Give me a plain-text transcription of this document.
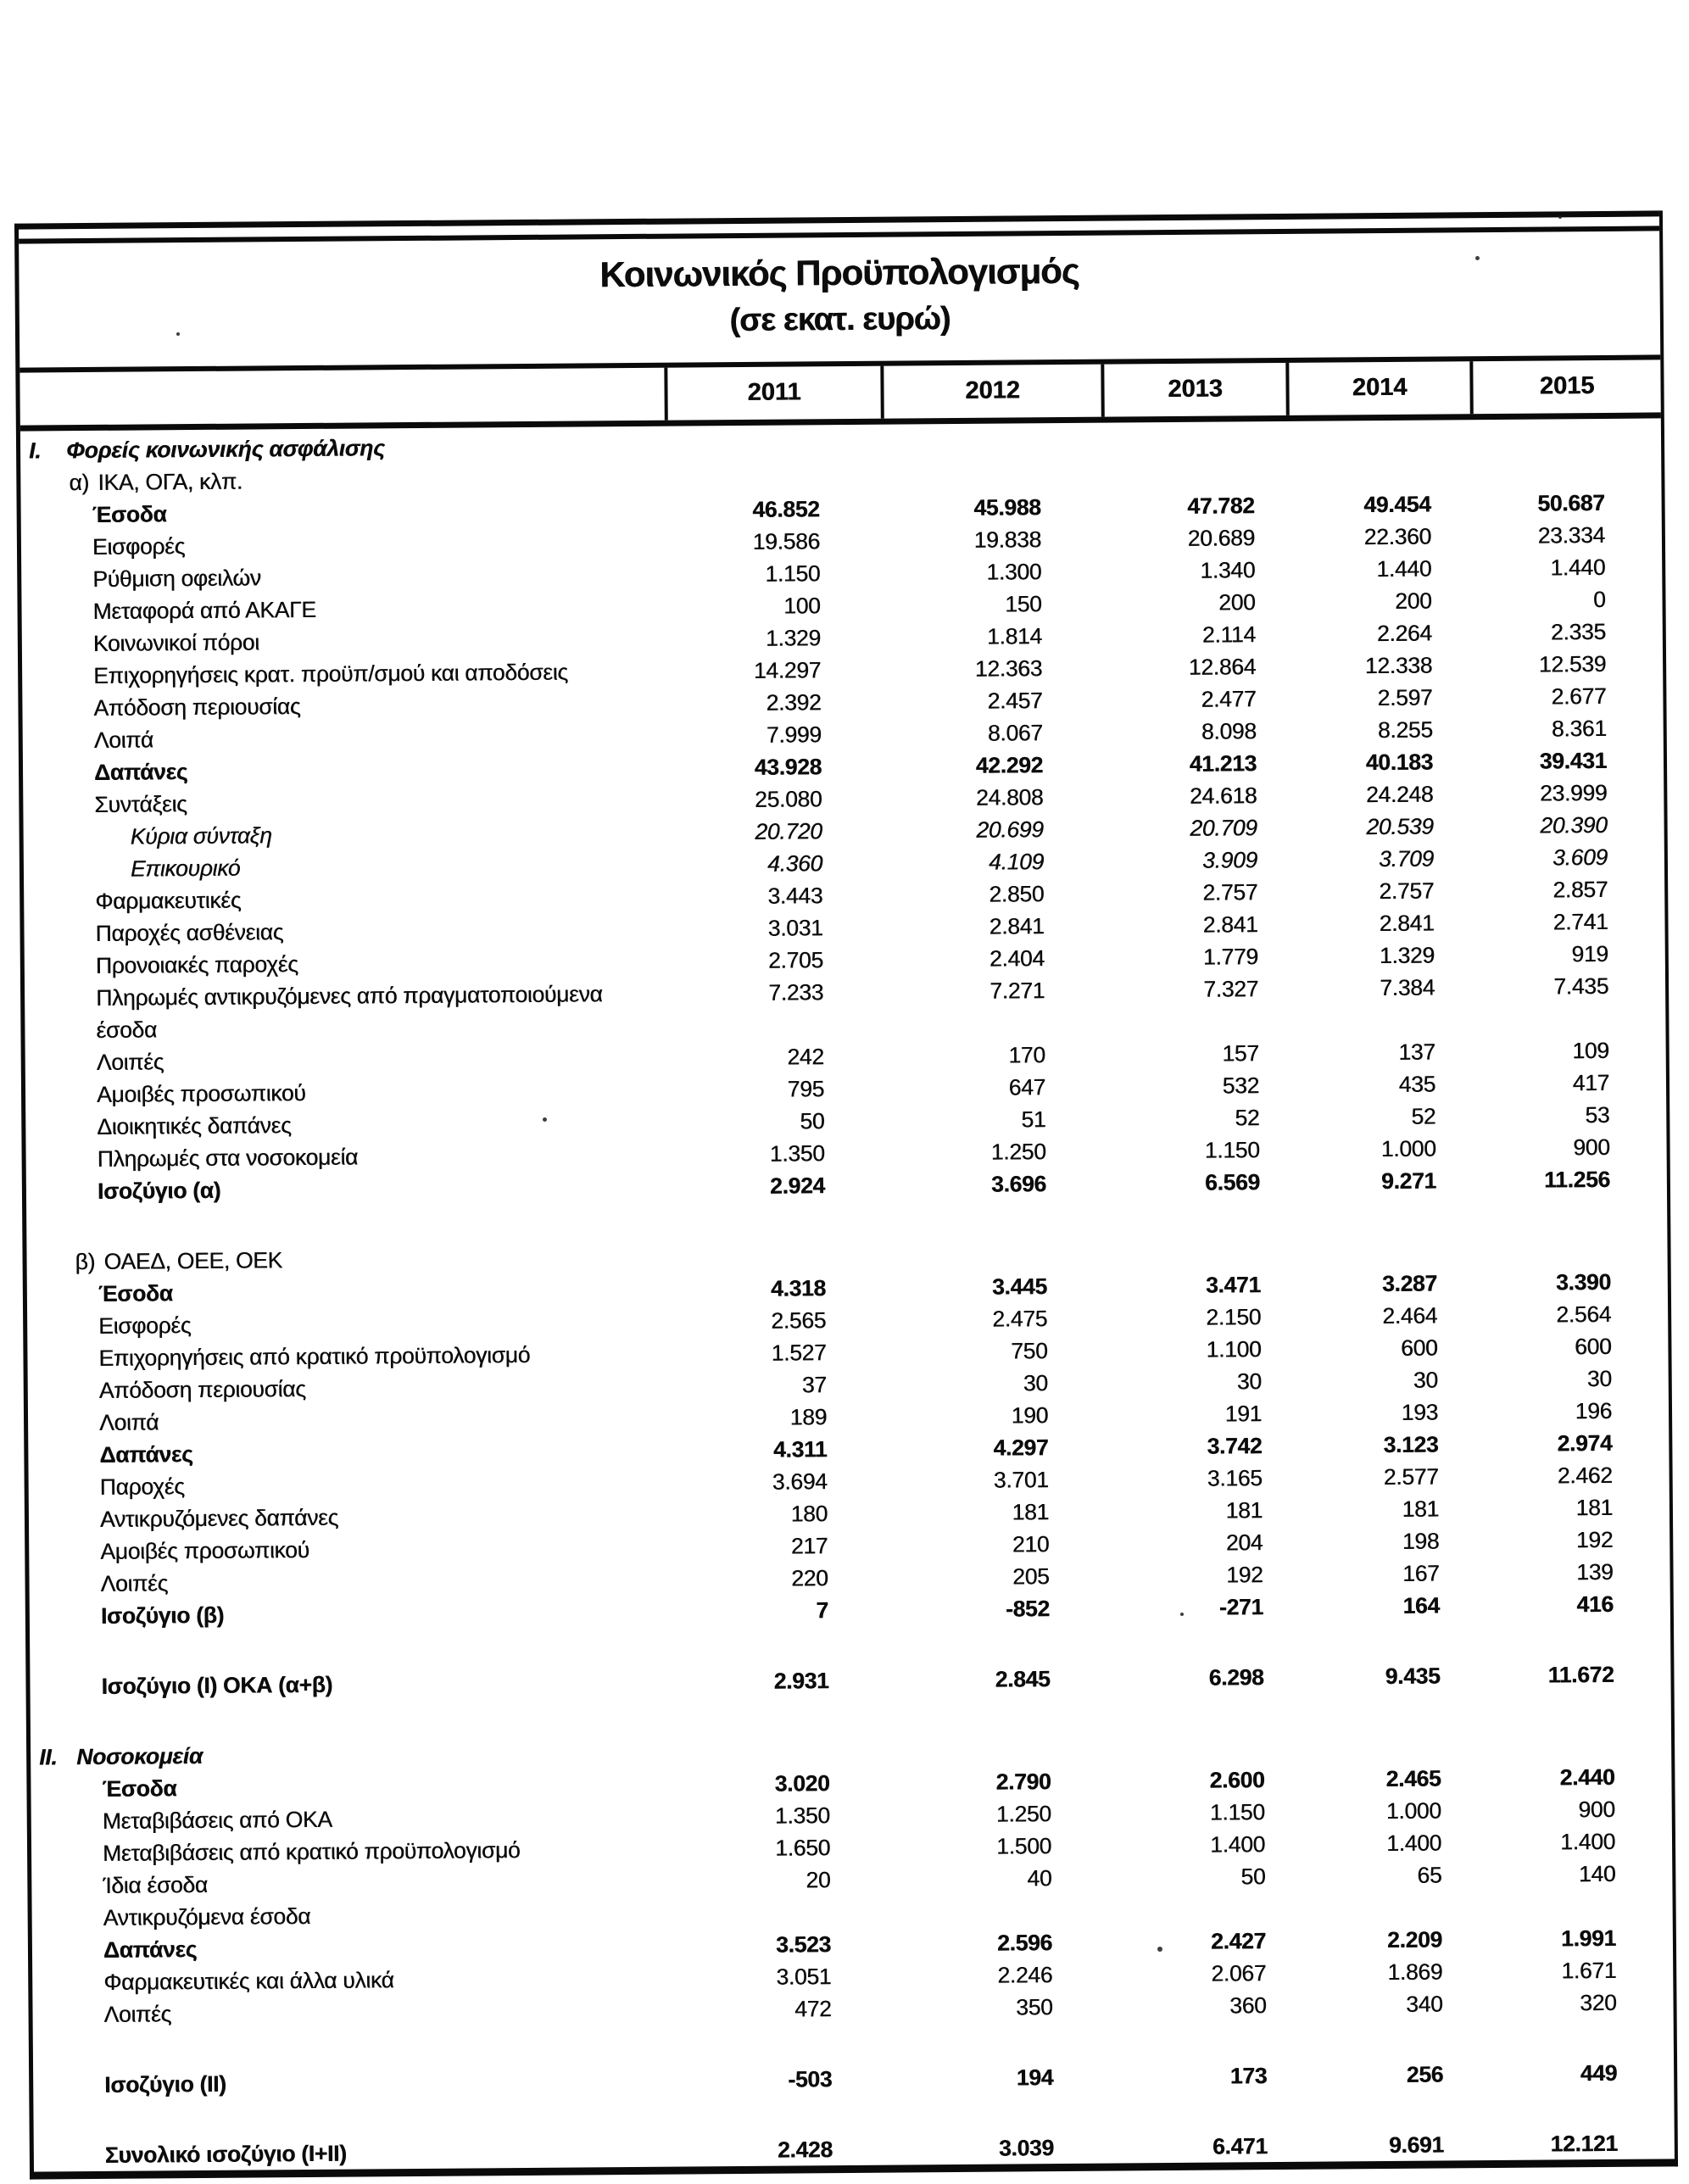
Κοινωνικός Προϋπολογισμός
(σε εκατ. ευρώ)
2011	2012	2013	2014	2015
I. Φορείς κοινωνικής ασφάλισης
α) ΙΚΑ, ΟΓΑ, κλπ.
Έσοδα	46.852	45.988	47.782	49.454	50.687
Εισφορές	19.586	19.838	20.689	22.360	23.334
Ρύθμιση οφειλών	1.150	1.300	1.340	1.440	1.440
Μεταφορά από ΑΚΑΓΕ	100	150	200	200	0
Κοινωνικοί πόροι	1.329	1.814	2.114	2.264	2.335
Επιχορηγήσεις κρατ. προϋπ/σμού και αποδόσεις	14.297	12.363	12.864	12.338	12.539
Απόδοση περιουσίας	2.392	2.457	2.477	2.597	2.677
Λοιπά	7.999	8.067	8.098	8.255	8.361
Δαπάνες	43.928	42.292	41.213	40.183	39.431
Συντάξεις	25.080	24.808	24.618	24.248	23.999
Κύρια σύνταξη	20.720	20.699	20.709	20.539	20.390
Επικουρικό	4.360	4.109	3.909	3.709	3.609
Φαρμακευτικές	3.443	2.850	2.757	2.757	2.857
Παροχές ασθένειας	3.031	2.841	2.841	2.841	2.741
Προνοιακές παροχές	2.705	2.404	1.779	1.329	919
Πληρωμές αντικρυζόμενες από πραγματοποιούμενα	7.233	7.271	7.327	7.384	7.435
έσοδα
Λοιπές	242	170	157	137	109
Αμοιβές προσωπικού	795	647	532	435	417
Διοικητικές δαπάνες	50	51	52	52	53
Πληρωμές στα νοσοκομεία	1.350	1.250	1.150	1.000	900
Ισοζύγιο (α)	2.924	3.696	6.569	9.271	11.256
β) ΟΑΕΔ, ΟΕΕ, ΟΕΚ
Έσοδα	4.318	3.445	3.471	3.287	3.390
Εισφορές	2.565	2.475	2.150	2.464	2.564
Επιχορηγήσεις από κρατικό προϋπολογισμό	1.527	750	1.100	600	600
Απόδοση περιουσίας	37	30	30	30	30
Λοιπά	189	190	191	193	196
Δαπάνες	4.311	4.297	3.742	3.123	2.974
Παροχές	3.694	3.701	3.165	2.577	2.462
Αντικρυζόμενες δαπάνες	180	181	181	181	181
Αμοιβές προσωπικού	217	210	204	198	192
Λοιπές	220	205	192	167	139
Ισοζύγιο (β)	7	-852	-271	164	416
Ισοζύγιο (Ι) ΟΚΑ (α+β)	2.931	2.845	6.298	9.435	11.672
II. Νοσοκομεία
Έσοδα	3.020	2.790	2.600	2.465	2.440
Μεταβιβάσεις από ΟΚΑ	1.350	1.250	1.150	1.000	900
Μεταβιβάσεις από κρατικό προϋπολογισμό	1.650	1.500	1.400	1.400	1.400
Ίδια έσοδα	20	40	50	65	140
Αντικρυζόμενα έσοδα
Δαπάνες	3.523	2.596	2.427	2.209	1.991
Φαρμακευτικές και άλλα υλικά	3.051	2.246	2.067	1.869	1.671
Λοιπές	472	350	360	340	320
Ισοζύγιο (ΙΙ)	-503	194	173	256	449
Συνολικό ισοζύγιο (Ι+ΙΙ)	2.428	3.039	6.471	9.691	12.121
